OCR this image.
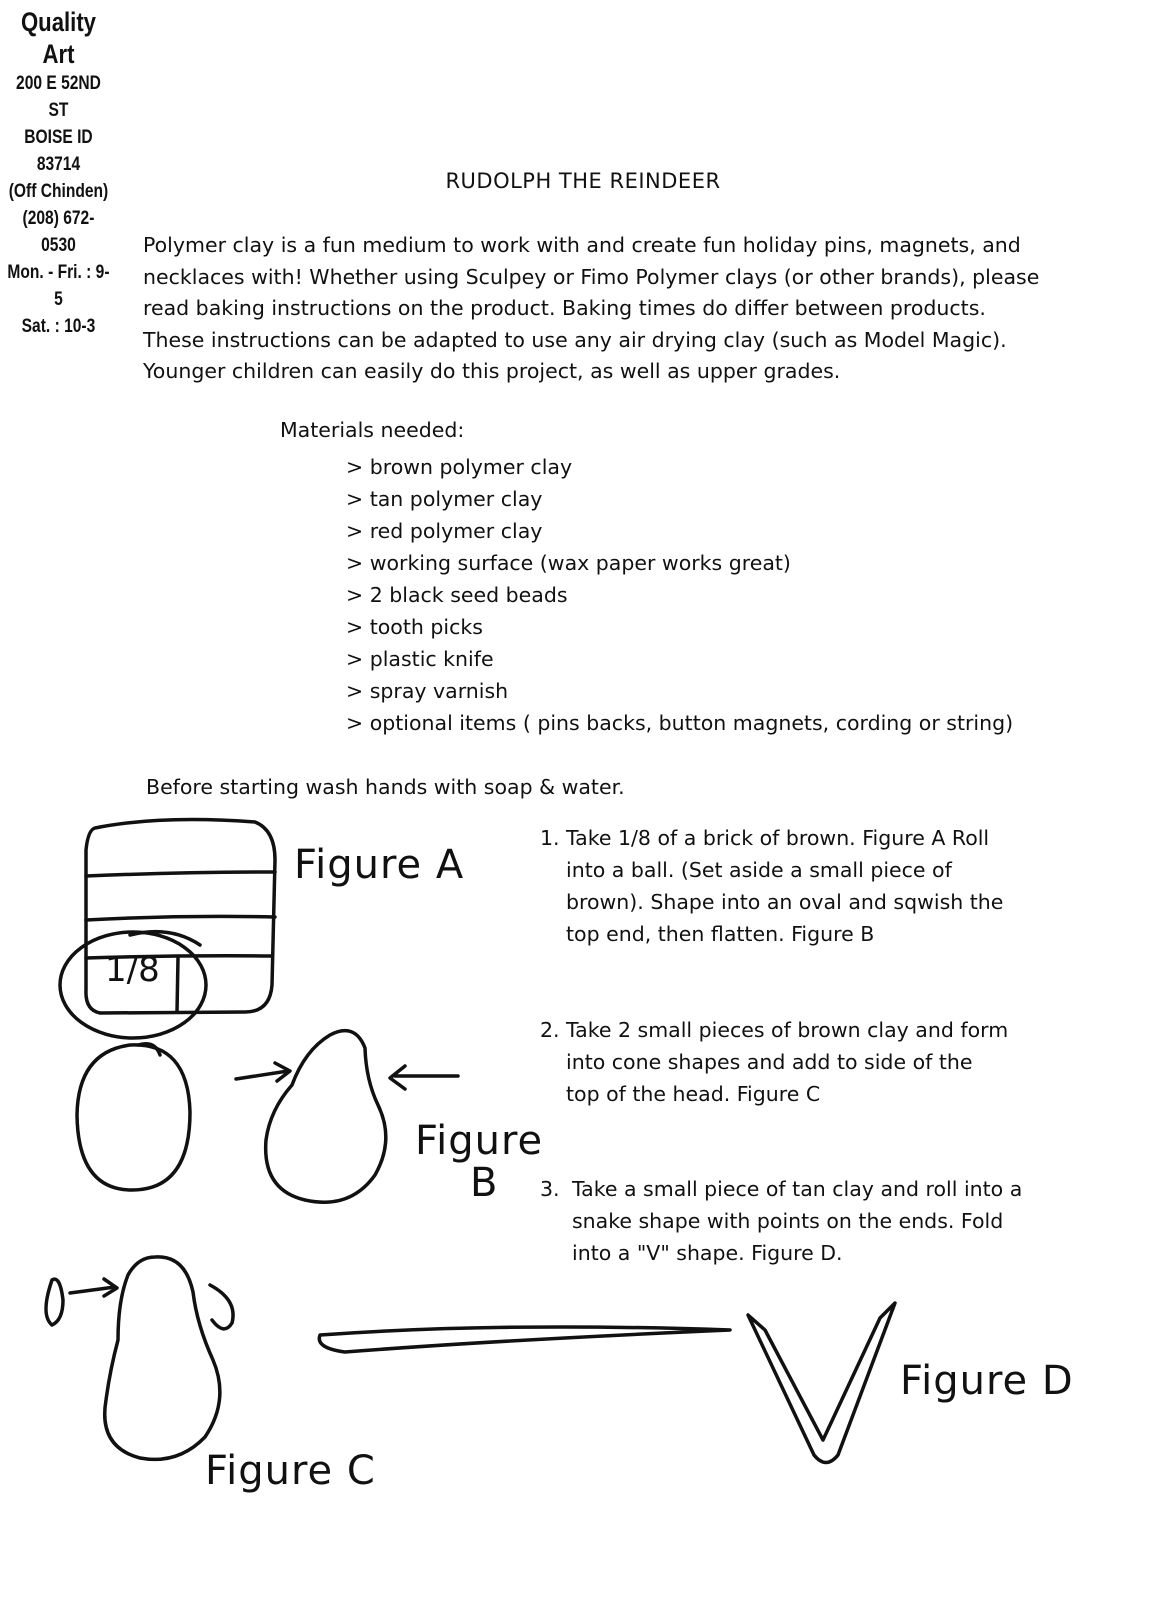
Quality Art
200 E 52ND ST
BOISE ID 83714
(Off Chinden)
(208) 672-0530
Mon. - Fri. : 9-5
Sat. : 10-3
RUDOLPH THE REINDEER

Polymer clay is a fun medium to work with and create fun holiday pins, magnets, and necklaces with! Whether using Sculpey or Fimo Polymer clays (or other brands), please read baking instructions on the product. Baking times do differ between products. These instructions can be adapted to use any air drying clay (such as Model Magic). Younger children can easily do this project, as well as upper grades.

Materials needed:
> brown polymer clay
> tan polymer clay
> red polymer clay
> working surface (wax paper works great)
> 2 black seed beads
> tooth picks
> plastic knife
> spray varnish
> optional items ( pins backs, button magnets, cording or string)
Before starting wash hands with soap & water.
1. Take 1/8 of a brick of brown. Figure A Roll into a ball. (Set aside a small piece of brown). Shape into an oval and sqwish the top end, then flatten. Figure B
2. Take 2 small pieces of brown clay and form into cone shapes and add to side of the top of the head. Figure C
3. Take a small piece of tan clay and roll into a snake shape with points on the ends. Fold into a "V" shape. Figure D.
1/8
Figure A
Figure
B
Figure C
Figure D
